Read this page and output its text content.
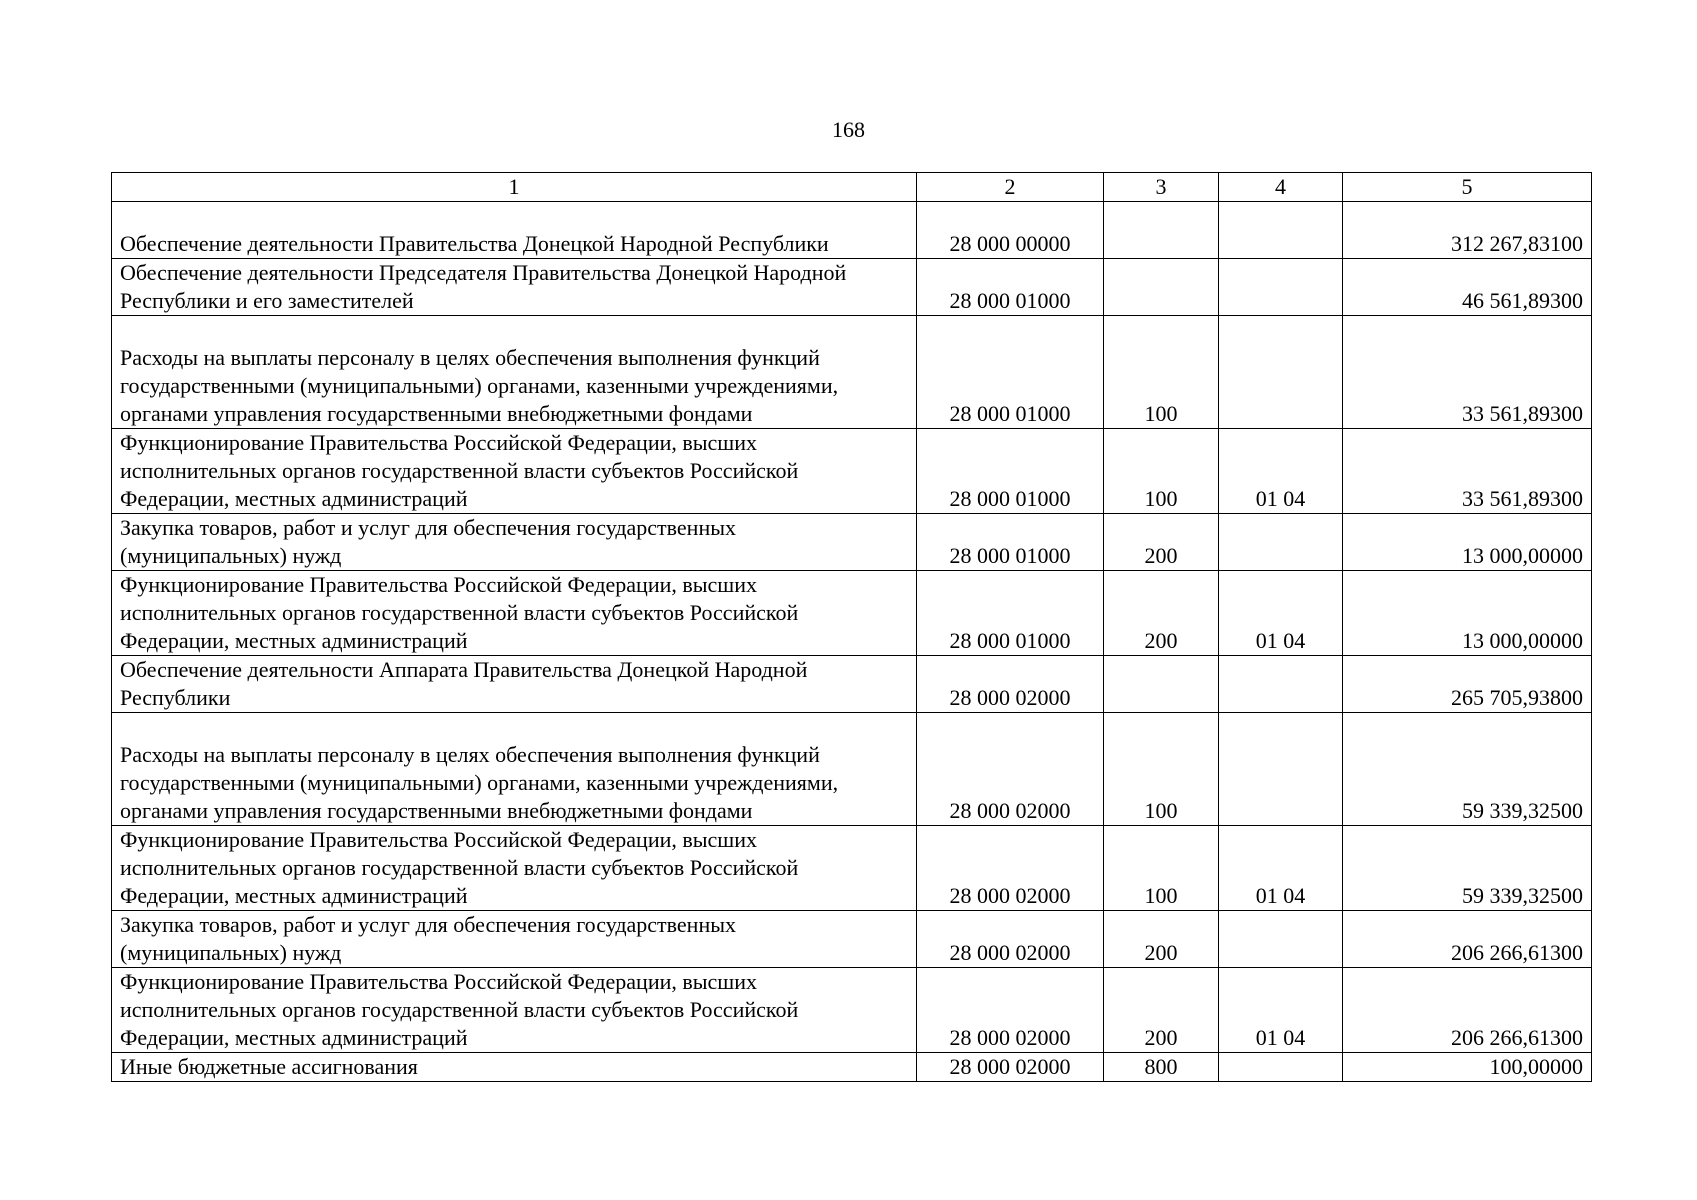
168
1	2	3	4	5
Обеспечение деятельности Правительства Донецкой Народной Республики	28 000 00000			312 267,83100
Обеспечение деятельности Председателя Правительства Донецкой Народной Республики и его заместителей	28 000 01000			46 561,89300
Расходы на выплаты персоналу в целях обеспечения выполнения функций государственными (муниципальными) органами, казенными учреждениями, органами управления государственными внебюджетными фондами	28 000 01000	100		33 561,89300
Функционирование Правительства Российской Федерации, высших исполнительных органов государственной власти субъектов Российской Федерации, местных администраций	28 000 01000	100	01 04	33 561,89300
Закупка товаров, работ и услуг для обеспечения государственных (муниципальных) нужд	28 000 01000	200		13 000,00000
Функционирование Правительства Российской Федерации, высших исполнительных органов государственной власти субъектов Российской Федерации, местных администраций	28 000 01000	200	01 04	13 000,00000
Обеспечение деятельности Аппарата Правительства Донецкой Народной Республики	28 000 02000			265 705,93800
Расходы на выплаты персоналу в целях обеспечения выполнения функций государственными (муниципальными) органами, казенными учреждениями, органами управления государственными внебюджетными фондами	28 000 02000	100		59 339,32500
Функционирование Правительства Российской Федерации, высших исполнительных органов государственной власти субъектов Российской Федерации, местных администраций	28 000 02000	100	01 04	59 339,32500
Закупка товаров, работ и услуг для обеспечения государственных (муниципальных) нужд	28 000 02000	200		206 266,61300
Функционирование Правительства Российской Федерации, высших исполнительных органов государственной власти субъектов Российской Федерации, местных администраций	28 000 02000	200	01 04	206 266,61300
Иные бюджетные ассигнования	28 000 02000	800		100,00000
